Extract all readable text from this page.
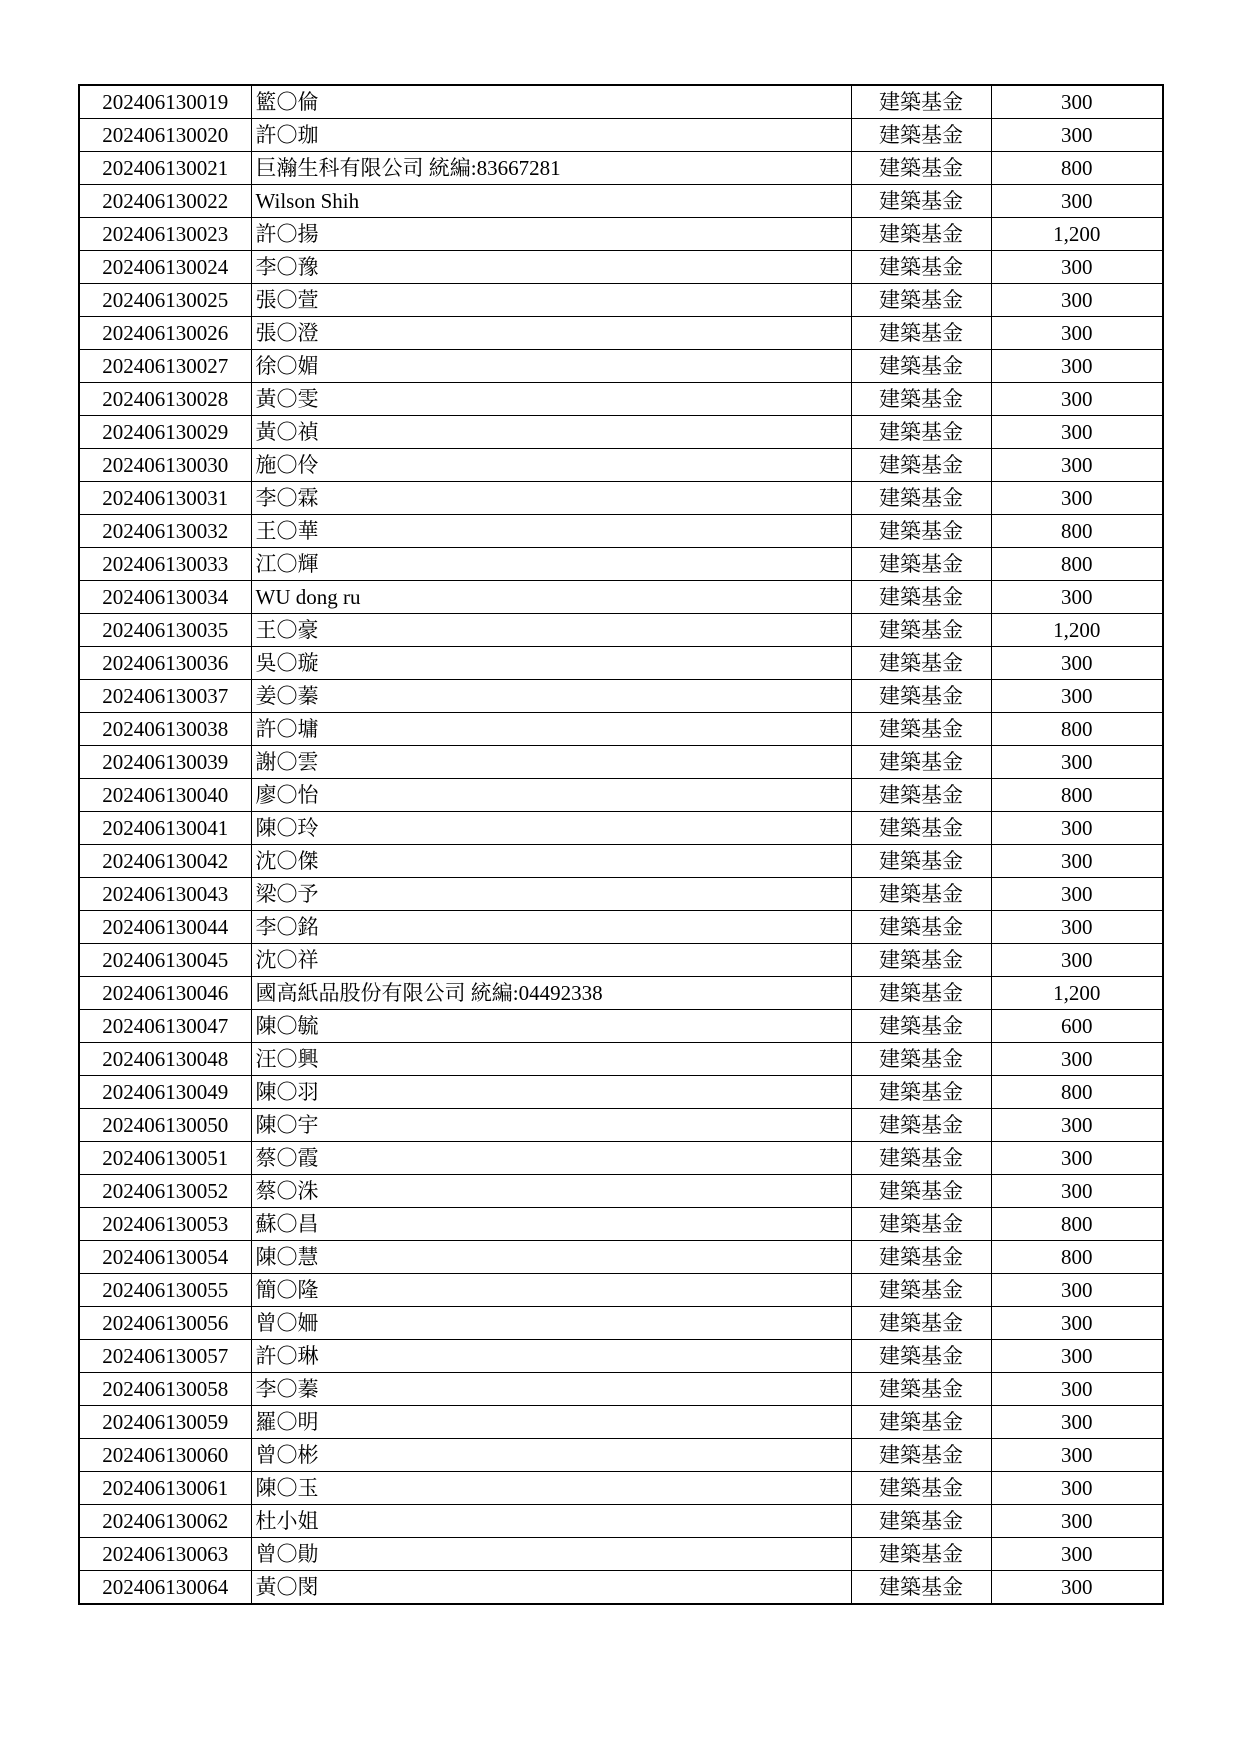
202406130019	籃〇倫	建築基金	300
202406130020	許〇珈	建築基金	300
202406130021	巨瀚生科有限公司 統編:83667281	建築基金	800
202406130022	Wilson Shih	建築基金	300
202406130023	許〇揚	建築基金	1,200
202406130024	李〇豫	建築基金	300
202406130025	張〇萱	建築基金	300
202406130026	張〇澄	建築基金	300
202406130027	徐〇媚	建築基金	300
202406130028	黃〇雯	建築基金	300
202406130029	黃〇禎	建築基金	300
202406130030	施〇伶	建築基金	300
202406130031	李〇霖	建築基金	300
202406130032	王〇華	建築基金	800
202406130033	江〇輝	建築基金	800
202406130034	WU dong ru	建築基金	300
202406130035	王〇豪	建築基金	1,200
202406130036	吳〇璇	建築基金	300
202406130037	姜〇蓁	建築基金	300
202406130038	許〇墉	建築基金	800
202406130039	謝〇雲	建築基金	300
202406130040	廖〇怡	建築基金	800
202406130041	陳〇玲	建築基金	300
202406130042	沈〇傑	建築基金	300
202406130043	梁〇予	建築基金	300
202406130044	李〇銘	建築基金	300
202406130045	沈〇祥	建築基金	300
202406130046	國高紙品股份有限公司 統編:04492338	建築基金	1,200
202406130047	陳〇毓	建築基金	600
202406130048	汪〇興	建築基金	300
202406130049	陳〇羽	建築基金	800
202406130050	陳〇宇	建築基金	300
202406130051	蔡〇霞	建築基金	300
202406130052	蔡〇洙	建築基金	300
202406130053	蘇〇昌	建築基金	800
202406130054	陳〇慧	建築基金	800
202406130055	簡〇隆	建築基金	300
202406130056	曾〇姍	建築基金	300
202406130057	許〇琳	建築基金	300
202406130058	李〇蓁	建築基金	300
202406130059	羅〇明	建築基金	300
202406130060	曾〇彬	建築基金	300
202406130061	陳〇玉	建築基金	300
202406130062	杜小姐	建築基金	300
202406130063	曾〇勛	建築基金	300
202406130064	黃〇閔	建築基金	300
